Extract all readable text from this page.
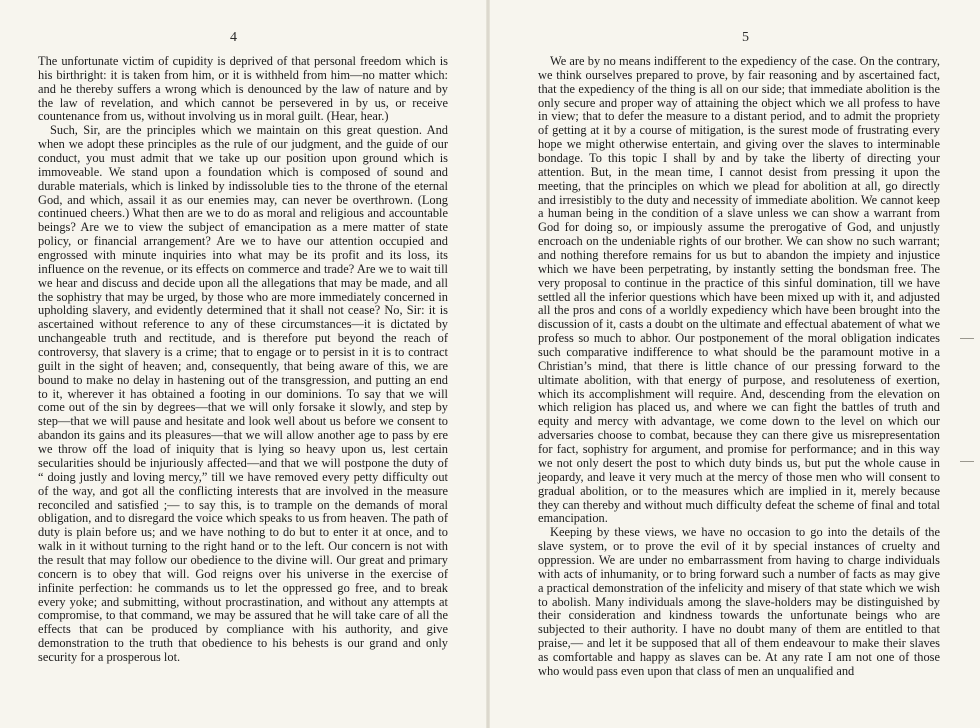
4

The unfortunate victim of cupidity is deprived of that personal freedom which is his birthright: it is taken from him, or it is withheld from him—no matter which: and he thereby suffers a wrong which is denounced by the law of nature and by the law of revelation, and which cannot be persevered in by us, or receive countenance from us, without involving us in moral guilt. (Hear, hear.)

Such, Sir, are the principles which we maintain on this great question. And when we adopt these principles as the rule of our judgment, and the guide of our conduct, you must admit that we take up our position upon ground which is immoveable. We stand upon a foundation which is composed of sound and durable materials, which is linked by indissoluble ties to the throne of the eternal God, and which, assail it as our enemies may, can never be overthrown. (Long continued cheers.) What then are we to do as moral and religious and accountable beings? Are we to view the subject of emancipation as a mere matter of state policy, or financial arrangement? Are we to have our attention occupied and engrossed with minute inquiries into what may be its profit and its loss, its influence on the revenue, or its effects on commerce and trade? Are we to wait till we hear and discuss and decide upon all the allegations that may be made, and all the sophistry that may be urged, by those who are more immediately concerned in upholding slavery, and evidently determined that it shall not cease? No, Sir: it is ascertained without reference to any of these circumstances—it is dictated by unchangeable truth and rectitude, and is therefore put beyond the reach of controversy, that slavery is a crime; that to engage or to persist in it is to contract guilt in the sight of heaven; and, consequently, that being aware of this, we are bound to make no delay in hastening out of the transgression, and putting an end to it, wherever it has obtained a footing in our dominions. To say that we will come out of the sin by degrees—that we will only forsake it slowly, and step by step—that we will pause and hesitate and look well about us before we consent to abandon its gains and its pleasures—that we will allow another age to pass by ere we throw off the load of iniquity that is lying so heavy upon us, lest certain secularities should be injuriously affected—and that we will postpone the duty of “ doing justly and loving mercy,” till we have removed every petty difficulty out of the way, and got all the conflicting interests that are involved in the measure reconciled and satisfied ;— to say this, is to trample on the demands of moral obligation, and to disregard the voice which speaks to us from heaven. The path of duty is plain before us; and we have nothing to do but to enter it at once, and to walk in it without turning to the right hand or to the left. Our concern is not with the result that may follow our obedience to the divine will. Our great and primary concern is to obey that will. God reigns over his universe in the exercise of infinite perfection: he commands us to let the oppressed go free, and to break every yoke; and submitting, without procrastination, and without any attempts at compromise, to that command, we may be assured that he will take care of all the effects that can be produced by compliance with his authority, and give demonstration to the truth that obedience to his behests is our grand and only security for a prosperous lot.

5

We are by no means indifferent to the expediency of the case. On the contrary, we think ourselves prepared to prove, by fair reasoning and by ascertained fact, that the expediency of the thing is all on our side; that immediate abolition is the only secure and proper way of attaining the object which we all profess to have in view; that to defer the measure to a distant period, and to admit the propriety of getting at it by a course of mitigation, is the surest mode of frustrating every hope we might otherwise entertain, and giving over the slaves to interminable bondage. To this topic I shall by and by take the liberty of directing your attention. But, in the mean time, I cannot desist from pressing it upon the meeting, that the principles on which we plead for abolition at all, go directly and irresistibly to the duty and necessity of immediate abolition. We cannot keep a human being in the condition of a slave unless we can show a warrant from God for doing so, or impiously assume the prerogative of God, and unjustly encroach on the undeniable rights of our brother. We can show no such warrant; and nothing therefore remains for us but to abandon the impiety and injustice which we have been perpetrating, by instantly setting the bondsman free. The very proposal to continue in the practice of this sinful domination, till we have settled all the inferior questions which have been mixed up with it, and adjusted all the pros and cons of a worldly expediency which have been brought into the discussion of it, casts a doubt on the ultimate and effectual abatement of what we profess so much to abhor. Our postponement of the moral obligation indicates such comparative indifference to what should be the paramount motive in a Christian’s mind, that there is little chance of our pressing forward to the ultimate abolition, with that energy of purpose, and resoluteness of exertion, which its accomplishment will require. And, descending from the elevation on which religion has placed us, and where we can fight the battles of truth and equity and mercy with advantage, we come down to the level on which our adversaries choose to combat, because they can there give us misrepresentation for fact, sophistry for argument, and promise for performance; and in this way we not only desert the post to which duty binds us, but put the whole cause in jeopardy, and leave it very much at the mercy of those men who will consent to gradual abolition, or to the measures which are implied in it, merely because they can thereby and without much difficulty defeat the scheme of final and total emancipation.

Keeping by these views, we have no occasion to go into the details of the slave system, or to prove the evil of it by special instances of cruelty and oppression. We are under no embarrassment from having to charge individuals with acts of inhumanity, or to bring forward such a number of facts as may give a practical demonstration of the infelicity and misery of that state which we wish to abolish. Many individuals among the slave-holders may be distinguished by their consideration and kindness towards the unfortunate beings who are subjected to their authority. I have no doubt many of them are entitled to that praise,— and let it be supposed that all of them endeavour to make their slaves as comfortable and happy as slaves can be. At any rate I am not one of those who would pass even upon that class of men an unqualified and
